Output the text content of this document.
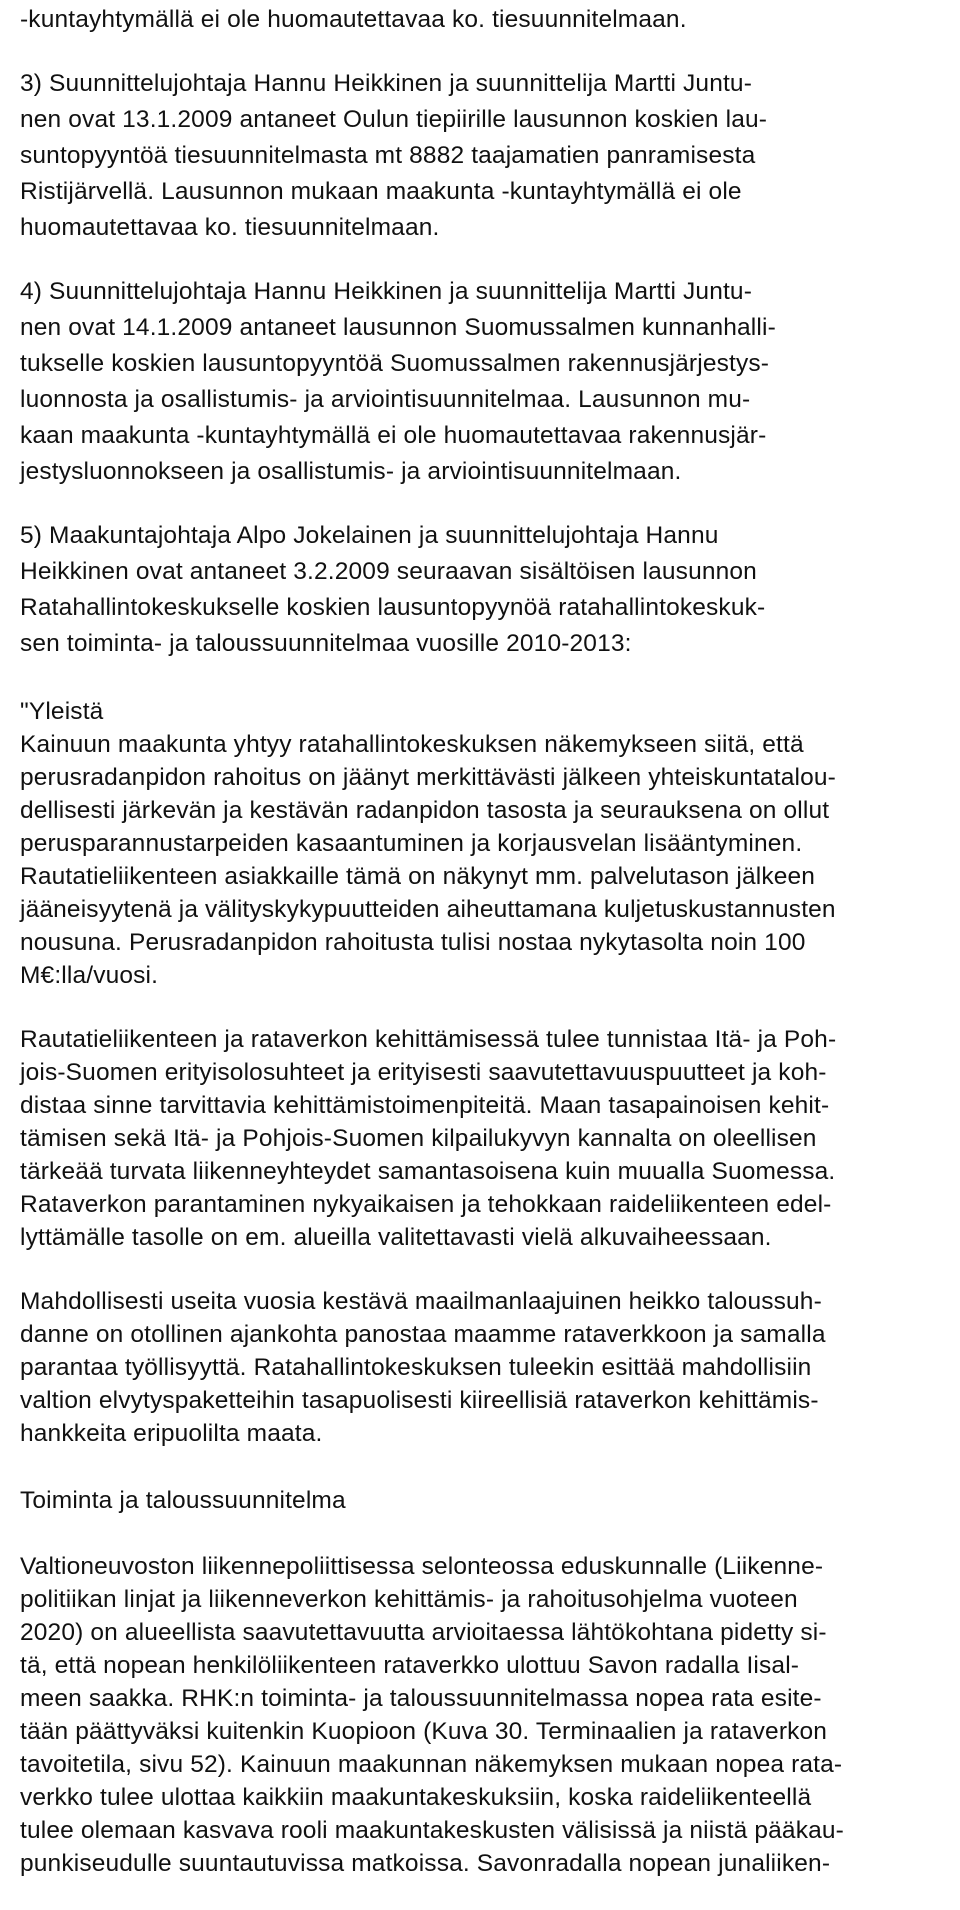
-kuntayhtymällä ei ole huomautettavaa ko. tiesuunnitelmaan.
3) Suunnittelujohtaja Hannu Heikkinen ja suunnittelija Martti Juntu-
nen ovat 13.1.2009 antaneet Oulun tiepiirille lausunnon koskien lau-
suntopyyntöä tiesuunnitelmasta mt 8882 taajamatien panramisesta
Ristijärvellä. Lausunnon mukaan maakunta -kuntayhtymällä ei ole
huomautettavaa ko. tiesuunnitelmaan.
4) Suunnittelujohtaja Hannu Heikkinen ja suunnittelija Martti Juntu-
nen ovat 14.1.2009 antaneet lausunnon Suomussalmen kunnanhalli-
tukselle koskien lausuntopyyntöä Suomussalmen rakennusjärjestys-
luonnosta ja osallistumis- ja arviointisuunnitelmaa. Lausunnon mu-
kaan maakunta -kuntayhtymällä ei ole huomautettavaa rakennusjär-
jestysluonnokseen ja osallistumis- ja arviointisuunnitelmaan.
5) Maakuntajohtaja Alpo Jokelainen ja suunnittelujohtaja Hannu
Heikkinen ovat antaneet 3.2.2009 seuraavan sisältöisen lausunnon
Ratahallintokeskukselle koskien lausuntopyynöä ratahallintokeskuk-
sen toiminta- ja taloussuunnitelmaa vuosille 2010-2013:
"Yleistä
Kainuun maakunta yhtyy ratahallintokeskuksen näkemykseen siitä, että
perusradanpidon rahoitus on jäänyt merkittävästi jälkeen yhteiskuntatalou-
dellisesti järkevän ja kestävän radanpidon tasosta ja seurauksena on ollut
perusparannustarpeiden kasaantuminen ja korjausvelan lisääntyminen.
Rautatieliikenteen asiakkaille tämä on näkynyt mm. palvelutason jälkeen
jääneisyytenä ja välityskykypuutteiden aiheuttamana kuljetuskustannusten
nousuna. Perusradanpidon rahoitusta tulisi nostaa nykytasolta noin 100
M€:lla/vuosi.
Rautatieliikenteen ja rataverkon kehittämisessä tulee tunnistaa Itä- ja Poh-
jois-Suomen erityisolosuhteet ja erityisesti saavutettavuuspuutteet ja koh-
distaa sinne tarvittavia kehittämistoimenpiteitä. Maan tasapainoisen kehit-
tämisen sekä Itä- ja Pohjois-Suomen kilpailukyvyn kannalta on oleellisen
tärkeää turvata liikenneyhteydet samantasoisena kuin muualla Suomessa.
Rataverkon parantaminen nykyaikaisen ja tehokkaan raideliikenteen edel-
lyttämälle tasolle on em. alueilla valitettavasti vielä alkuvaiheessaan.
Mahdollisesti useita vuosia kestävä maailmanlaajuinen heikko taloussuh-
danne on otollinen ajankohta panostaa maamme rataverkkoon ja samalla
parantaa työllisyyttä. Ratahallintokeskuksen tuleekin esittää mahdollisiin
valtion elvytyspaketteihin tasapuolisesti kiireellisiä rataverkon kehittämis-
hankkeita eripuolilta maata.
Toiminta ja taloussuunnitelma
Valtioneuvoston liikennepoliittisessa selonteossa eduskunnalle (Liikenne-
politiikan linjat ja liikenneverkon kehittämis- ja rahoitusohjelma vuoteen
2020) on alueellista saavutettavuutta arvioitaessa lähtökohtana pidetty si-
tä, että nopean henkilöliikenteen rataverkko ulottuu Savon radalla Iisal-
meen saakka. RHK:n toiminta- ja taloussuunnitelmassa nopea rata esite-
tään päättyväksi kuitenkin Kuopioon (Kuva 30. Terminaalien ja rataverkon
tavoitetila, sivu 52). Kainuun maakunnan näkemyksen mukaan nopea rata-
verkko tulee ulottaa kaikkiin maakuntakeskuksiin, koska raideliikentеellä
tulee olemaan kasvava rooli maakuntakeskusten välisissä ja niistä pääkau-
punkiseudulle suuntautuvissa matkoissa. Savonradalla nopean junaliiken-
